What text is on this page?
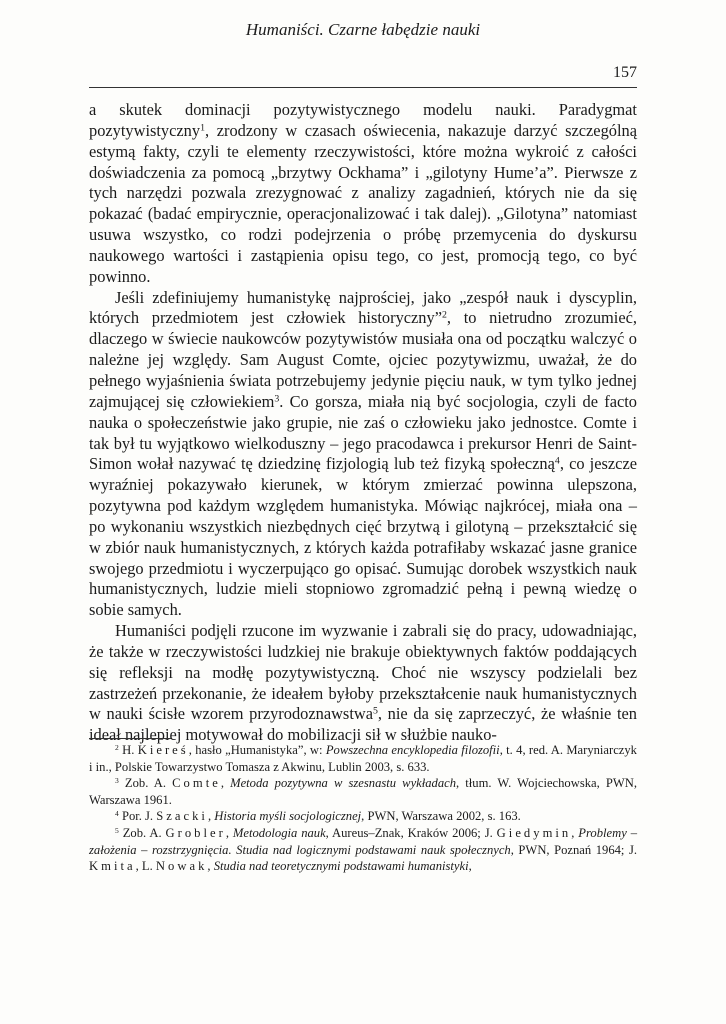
Humaniści. Czarne łabędzie nauki
157

a skutek dominacji pozytywistycznego modelu nauki. Paradygmat pozytywistyczny$^1$, zrodzony w czasach oświecenia, nakazuje darzyć szczególną estymą fakty, czyli te elementy rzeczywistości, które można wykroić z całości doświadczenia za pomocą „brzytwy Ockhama” i „gilotyny Hume’a”. Pierwsze z tych narzędzi pozwala zrezygnować z analizy zagadnień, których nie da się pokazać (badać empirycznie, operacjonalizować i tak dalej). „Gilotyna” natomiast usuwa wszystko, co rodzi podejrzenia o próbę przemycenia do dyskursu naukowego wartości i zastąpienia opisu tego, co jest, promocją tego, co być powinno.

Jeśli zdefiniujemy humanistykę najprościej, jako „zespół nauk i dyscyplin, których przedmiotem jest człowiek historyczny”$^2$, to nietrudno zrozumieć, dlaczego w świecie naukowców pozytywistów musiała ona od początku walczyć o należne jej względy. Sam August Comte, ojciec pozytywizmu, uważał, że do pełnego wyjaśnienia świata potrzebujemy jedynie pięciu nauk, w tym tylko jednej zajmującej się człowiekiem$^3$. Co gorsza, miała nią być socjologia, czyli de facto nauka o społeczeństwie jako grupie, nie zaś o człowieku jako jednostce. Comte i tak był tu wyjątkowo wielkoduszny – jego pracodawca i prekursor Henri de Saint-Simon wołał nazywać tę dziedzinę fizjologią lub też fizyką społeczną$^4$, co jeszcze wyraźniej pokazywało kierunek, w którym zmierzać powinna ulepszona, pozytywna pod każdym względem humanistyka. Mówiąc najkrócej, miała ona – po wykonaniu wszystkich niezbędnych cięć brzytwą i gilotyną – przekształcić się w zbiór nauk humanistycznych, z których każda potrafiłaby wskazać jasne granice swojego przedmiotu i wyczerpująco go opisać. Sumując dorobek wszystkich nauk humanistycznych, ludzie mieli stopniowo zgromadzić pełną i pewną wiedzę o sobie samych.

Humaniści podjęli rzucone im wyzwanie i zabrali się do pracy, udowadniając, że także w rzeczywistości ludzkiej nie brakuje obiektywnych faktów poddających się refleksji na modłę pozytywistyczną. Choć nie wszyscy podzielali bez zastrzeżeń przekonanie, że ideałem byłoby przekształcenie nauk humanistycznych w nauki ścisłe wzorem przyrodoznawstwa$^5$, nie da się zaprzeczyć, że właśnie ten ideał najlepiej motywował do mobilizacji sił w służbie nauko-

$^2$ H. Kiereś, hasło „Humanistyka”, w: Powszechna encyklopedia filozofii, t. 4, red. A. Maryniarczyk i in., Polskie Towarzystwo Tomasza z Akwinu, Lublin 2003, s. 633.

$^3$ Zob. A. Comte, Metoda pozytywna w szesnastu wykładach, tłum. W. Wojciechowska, PWN, Warszawa 1961.

$^4$ Por. J. Szacki, Historia myśli socjologicznej, PWN, Warszawa 2002, s. 163.

$^5$ Zob. A. Grobler, Metodologia nauk, Aureus–Znak, Kraków 2006; J. Giedymin, Problemy – założenia – rozstrzygnięcia. Studia nad logicznymi podstawami nauk społecznych, PWN, Poznań 1964; J. Kmita, L. Nowak, Studia nad teoretycznymi podstawami humanistyki,
